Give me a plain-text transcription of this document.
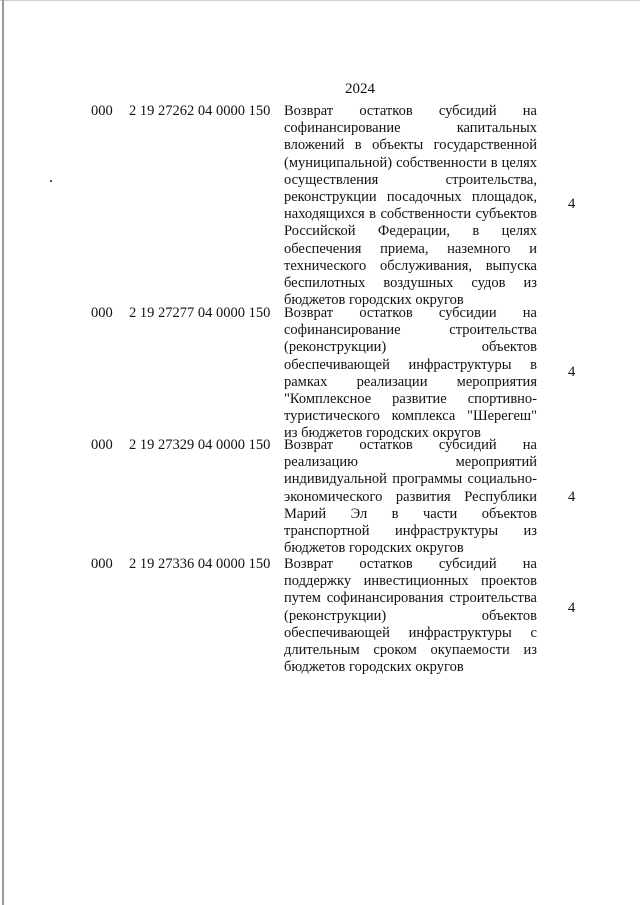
2024
000 2 19 27262 04 0000 150 Возврат остатков субсидий на
софинансирование капитальных
вложений в объекты государственной
(муниципальной) собственности в целях
осуществления строительства,
реконструкции посадочных площадок,
находящихся в собственности субъектов
Российской Федерации, в целях
обеспечения приема, наземного и
технического обслуживания, выпуска
беспилотных воздушных судов из
бюджетов городских округов
4
000 2 19 27277 04 0000 150 Возврат остатков субсидии на
софинансирование строительства
(реконструкции) объектов
обеспечивающей инфраструктуры в
рамках реализации мероприятия
"Комплексное развитие спортивно-
туристического комплекса "Шерегеш"
из бюджетов городских округов
4
000 2 19 27329 04 0000 150 Возврат остатков субсидий на
реализацию мероприятий
индивидуальной программы социально-
экономического развития Республики
Марий Эл в части объектов
транспортной инфраструктуры из
бюджетов городских округов
4
000 2 19 27336 04 0000 150 Возврат остатков субсидий на
поддержку инвестиционных проектов
путем софинансирования строительства
(реконструкции) объектов
обеспечивающей инфраструктуры с
длительным сроком окупаемости из
бюджетов городских округов
4
